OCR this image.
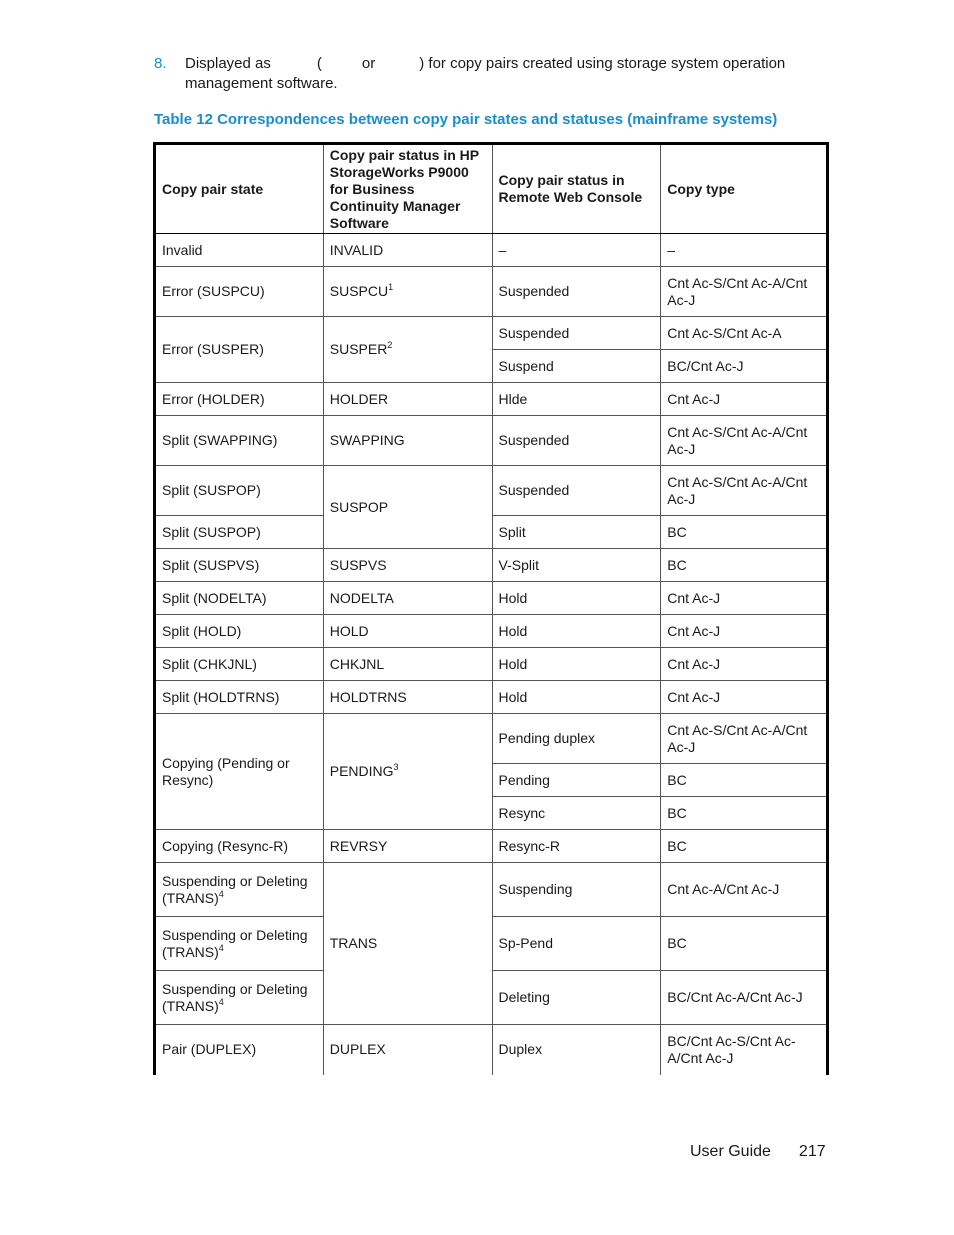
8. Displayed as	(	or	) for copy pairs created using storage system operation management software.
Table 12 Correspondences between copy pair states and statuses (mainframe systems)
Copy pair state	Copy pair status in HP StorageWorks P9000 for Business Continuity Manager Software	Copy pair status in Remote Web Console	Copy type
Invalid	INVALID	–	–
Error (SUSPCU)	SUSPCU$^1$	Suspended	Cnt Ac-S/Cnt Ac-A/Cnt Ac-J
Error (SUSPER)	SUSPER$^2$	Suspended	Cnt Ac-S/Cnt Ac-A
		Suspend	BC/Cnt Ac-J
Error (HOLDER)	HOLDER	Hlde	Cnt Ac-J
Split (SWAPPING)	SWAPPING	Suspended	Cnt Ac-S/Cnt Ac-A/Cnt Ac-J
Split (SUSPOP)	SUSPOP	Suspended	Cnt Ac-S/Cnt Ac-A/Cnt Ac-J
Split (SUSPOP)		Split	BC
Split (SUSPVS)	SUSPVS	V-Split	BC
Split (NODELTA)	NODELTA	Hold	Cnt Ac-J
Split (HOLD)	HOLD	Hold	Cnt Ac-J
Split (CHKJNL)	CHKJNL	Hold	Cnt Ac-J
Split (HOLDTRNS)	HOLDTRNS	Hold	Cnt Ac-J
Copying (Pending or Resync)	PENDING$^3$	Pending duplex	Cnt Ac-S/Cnt Ac-A/Cnt Ac-J
		Pending	BC
		Resync	BC
Copying (Resync-R)	REVRSY	Resync-R	BC
Suspending or Deleting (TRANS)$^4$	TRANS	Suspending	Cnt Ac-A/Cnt Ac-J
Suspending or Deleting (TRANS)$^4$		Sp-Pend	BC
Suspending or Deleting (TRANS)$^4$		Deleting	BC/Cnt Ac-A/Cnt Ac-J
Pair (DUPLEX)	DUPLEX	Duplex	BC/Cnt Ac-S/Cnt Ac-A/Cnt Ac-J
User Guide 217
